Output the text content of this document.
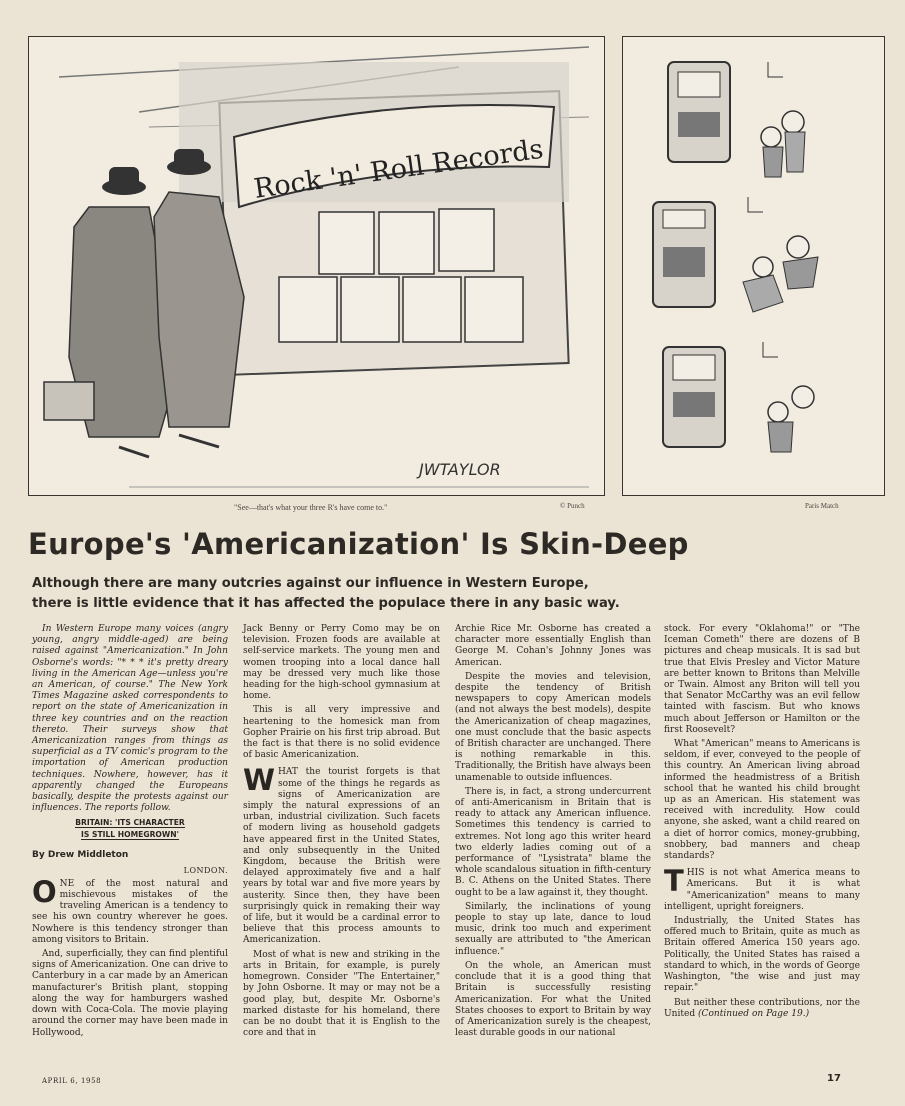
Rock 'n' Roll Records
JWTAYLOR
"See—that's what your three R's have come to."	© Punch	Paris Match
Europe's 'Americanization' Is Skin-Deep
Although there are many outcries against our influence in Western Europe,
there is little evidence that it has affected the populace there in any basic way.

In Western Europe many voices (angry young, angry middle-aged) are being raised against "Americanization." In John Osborne's words: "* * * it's pretty dreary living in the American Age—unless you're an American, of course." The New York Times Magazine asked correspondents to report on the state of Americanization in three key countries and on the reaction thereto. Their surveys show that Americanization ranges from things as superficial as a TV comic's program to the importation of American production techniques. Nowhere, however, has it apparently changed the Europeans basically, despite the protests against our influences. The reports follow.

BRITAIN: 'ITS CHARACTER
IS STILL HOMEGROWN'

By Drew Middleton

LONDON.

ONE of the most natural and mischievous mistakes of the traveling American is a tendency to see his own country wherever he goes. Nowhere is this tendency stronger than among visitors to Britain.

And, superficially, they can find plentiful signs of Americanization. One can drive to Canterbury in a car made by an American manufacturer's British plant, stopping along the way for hamburgers washed down with Coca-Cola. The movie playing around the corner may have been made in Hollywood,

Jack Benny or Perry Como may be on television. Frozen foods are available at self-service markets. The young men and women trooping into a local dance hall may be dressed very much like those heading for the high-school gymnasium at home.

This is all very impressive and heartening to the homesick man from Gopher Prairie on his first trip abroad. But the fact is that there is no solid evidence of basic Americanization.

WHAT the tourist forgets is that some of the things he regards as signs of Americanization are simply the natural expressions of an urban, industrial civilization. Such facets of modern living as household gadgets have appeared first in the United States, and only subsequently in the United Kingdom, because the British were delayed approximately five and a half years by total war and five more years by austerity. Since then, they have been surprisingly quick in remaking their way of life, but it would be a cardinal error to believe that this process amounts to Americanization.

Most of what is new and striking in the arts in Britain, for example, is purely homegrown. Consider "The Entertainer," by John Osborne. It may or may not be a good play, but, despite Mr. Osborne's marked distaste for his homeland, there can be no doubt that it is English to the core and that in

Archie Rice Mr. Osborne has created a character more essentially English than George M. Cohan's Johnny Jones was American.

Despite the movies and television, despite the tendency of British newspapers to copy American models (and not always the best models), despite the Americanization of cheap magazines, one must conclude that the basic aspects of British character are unchanged. There is nothing remarkable in this. Traditionally, the British have always been unamenable to outside influences.

There is, in fact, a strong undercurrent of anti-Americanism in Britain that is ready to attack any American influence. Sometimes this tendency is carried to extremes. Not long ago this writer heard two elderly ladies coming out of a performance of "Lysistrata" blame the whole scandalous situation in fifth-century B. C. Athens on the United States. There ought to be a law against it, they thought.

Similarly, the inclinations of young people to stay up late, dance to loud music, drink too much and experiment sexually are attributed to "the American influence."

On the whole, an American must conclude that it is a good thing that Britain is successfully resisting Americanization. For what the United States chooses to export to Britain by way of Americanization surely is the cheapest, least durable goods in our national

stock. For every "Oklahoma!" or "The Iceman Cometh" there are dozens of B pictures and cheap musicals. It is sad but true that Elvis Presley and Victor Mature are better known to Britons than Melville or Twain. Almost any Briton will tell you that Senator McCarthy was an evil fellow tainted with fascism. But who knows much about Jefferson or Hamilton or the first Roosevelt?

What "American" means to Americans is seldom, if ever, conveyed to the people of this country. An American living abroad informed the headmistress of a British school that he wanted his child brought up as an American. His statement was received with incredulity. How could anyone, she asked, want a child reared on a diet of horror comics, money-grubbing, snobbery, bad manners and cheap standards?

THIS is not what America means to Americans. But it is what "Americanization" means to many intelligent, upright foreigners.

Industrially, the United States has offered much to Britain, quite as much as Britain offered America 150 years ago. Politically, the United States has raised a standard to which, in the words of George Washington, "the wise and just may repair."

But neither these contributions, nor the United (Continued on Page 19.)

APRIL 6, 1958	17
